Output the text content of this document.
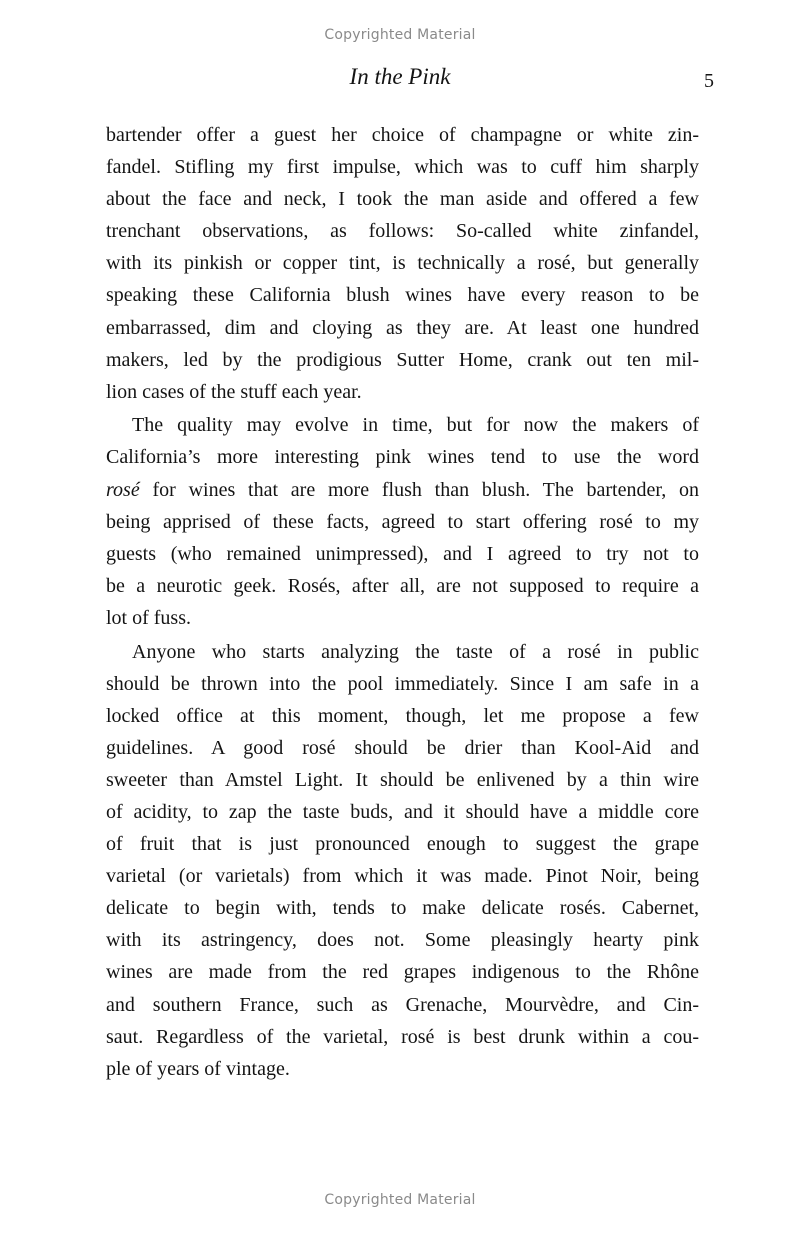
Copyrighted Material
In the Pink	5
bartender offer a guest her choice of champagne or white zin-
fandel. Stifling my first impulse, which was to cuff him sharply
about the face and neck, I took the man aside and offered a few
trenchant observations, as follows: So-called white zinfandel,
with its pinkish or copper tint, is technically a rosé, but generally
speaking these California blush wines have every reason to be
embarrassed, dim and cloying as they are. At least one hundred
makers, led by the prodigious Sutter Home, crank out ten mil-
lion cases of the stuff each year.
The quality may evolve in time, but for now the makers of
California’s more interesting pink wines tend to use the word
rosé for wines that are more flush than blush. The bartender, on
being apprised of these facts, agreed to start offering rosé to my
guests (who remained unimpressed), and I agreed to try not to
be a neurotic geek. Rosés, after all, are not supposed to require a
lot of fuss.
Anyone who starts analyzing the taste of a rosé in public
should be thrown into the pool immediately. Since I am safe in a
locked office at this moment, though, let me propose a few
guidelines. A good rosé should be drier than Kool-Aid and
sweeter than Amstel Light. It should be enlivened by a thin wire
of acidity, to zap the taste buds, and it should have a middle core
of fruit that is just pronounced enough to suggest the grape
varietal (or varietals) from which it was made. Pinot Noir, being
delicate to begin with, tends to make delicate rosés. Cabernet,
with its astringency, does not. Some pleasingly hearty pink
wines are made from the red grapes indigenous to the Rhône
and southern France, such as Grenache, Mourvèdre, and Cin-
saut. Regardless of the varietal, rosé is best drunk within a cou-
ple of years of vintage.
Copyrighted Material
